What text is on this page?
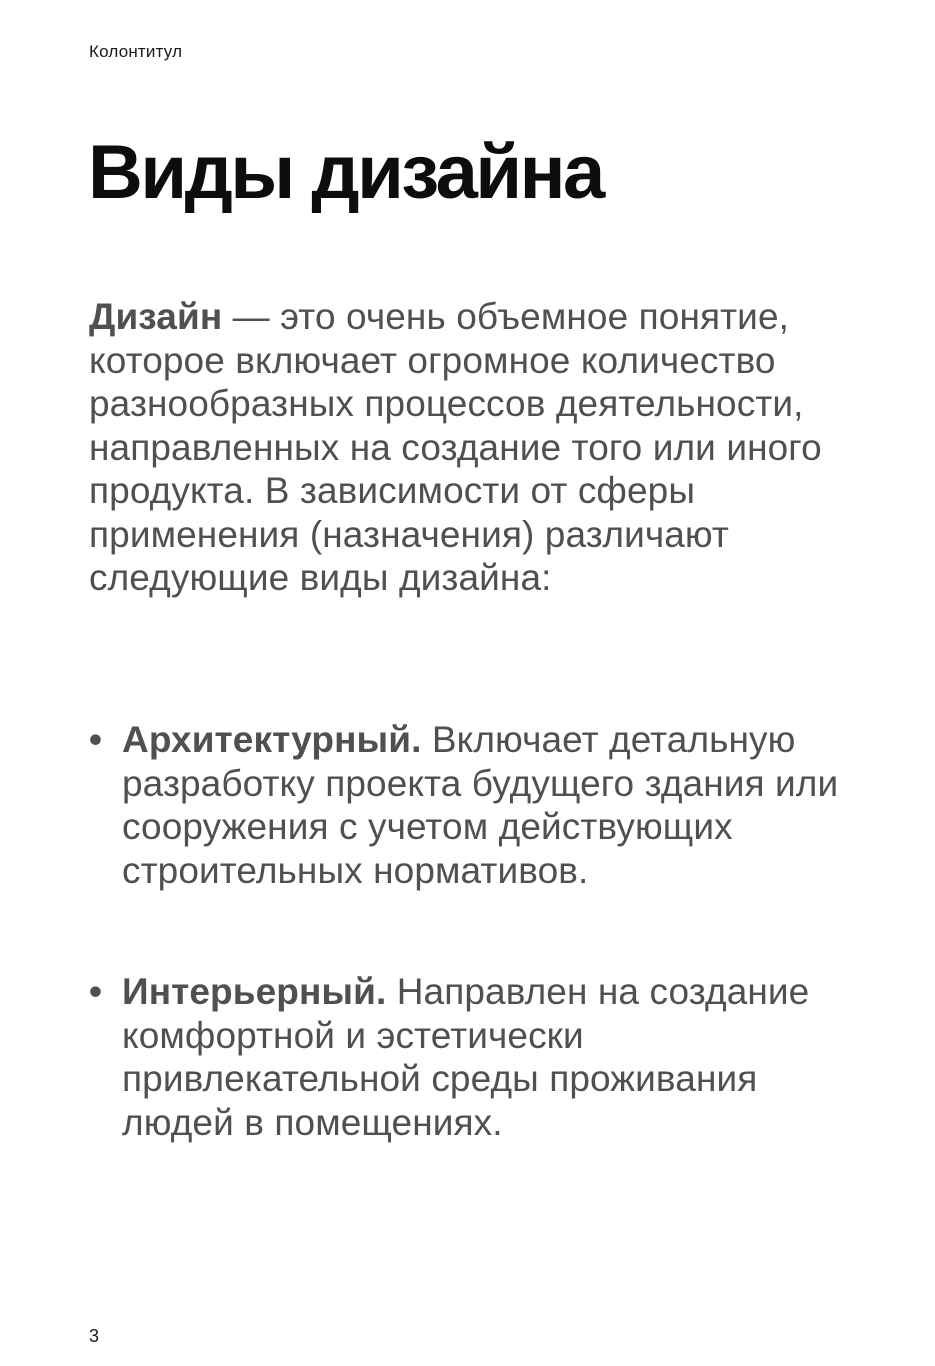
Колонтитул
Виды дизайна

Дизайн — это очень объемное понятие, которое включает огромное количество разнообразных процессов деятельности, направленных на создание того или иного продукта. В зависимости от сферы применения (назначения) различают следующие виды дизайна:

• Архитектурный. Включает детальную разработку проекта будущего здания или сооружения с учетом действующих строительных нормативов.
• Интерьерный. Направлен на создание комфортной и эстетически привлекательной среды проживания людей в помещениях.
3
